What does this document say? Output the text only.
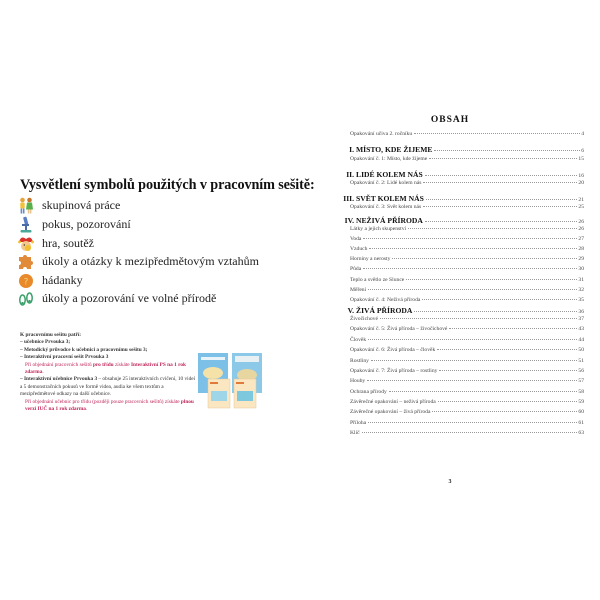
Vysvětlení symbolů použitých v pracovním sešitě:
skupinová práce
pokus, pozorování
hra, soutěž
úkoly a otázky k mezipředmětovým vztahům
? hádanky
úkoly a pozorování ve volné přírodě
K pracovnímu sešitu patří:
– učebnice Prvouka 3;
– Metodický průvodce k učebnici a pracovnímu sešitu 3;
– Interaktivní pracovní sešit Prvouka 3
Při objednání pracovních sešitů pro třídu získáte Interaktivní PS na 1 rok zdarma.
– Interaktivní učebnice Prvouka 3 – obsahuje 25 interaktivních cvičení, 10 videí a 5 demonstračních pokusů ve formě videa, audia ke všem textům a mezipředmětové odkazy na další učebnice.
Při objednání učebnic pro třídu (později pouze pracovních sešitů) získáte plnou verzi IUČ na 1 rok zdarma.
OBSAH
Opakování učiva 2. ročníku	4
I. MÍSTO, KDE ŽIJEME	6
Opakování č. 1: Místo, kde žijeme	15
II. LIDÉ KOLEM NÁS	16
Opakování č. 2: Lidé kolem nás	20
III. SVĚT KOLEM NÁS	21
Opakování č. 3: Svět kolem nás	25
IV. NEŽIVÁ PŘÍRODA	26
Látky a jejich skupenství	26
Voda	27
Vzduch	28
Horniny a nerosty	29
Půda	30
Teplo a světlo ze Slunce	31
Měření	32
Opakování č. 4: Neživá příroda	35
V. ŽIVÁ PŘÍRODA	36
Živočichové	37
Opakování č. 5: Živá příroda – živočichové	43
Člověk	44
Opakování č. 6: Živá příroda – člověk	50
Rostliny	51
Opakování č. 7: Živá příroda – rostliny	56
Houby	57
Ochrana přírody	58
Závěrečné opakování – neživá příroda	59
Závěrečné opakování – živá příroda	60
Příloha	61
Klíč	63
3
